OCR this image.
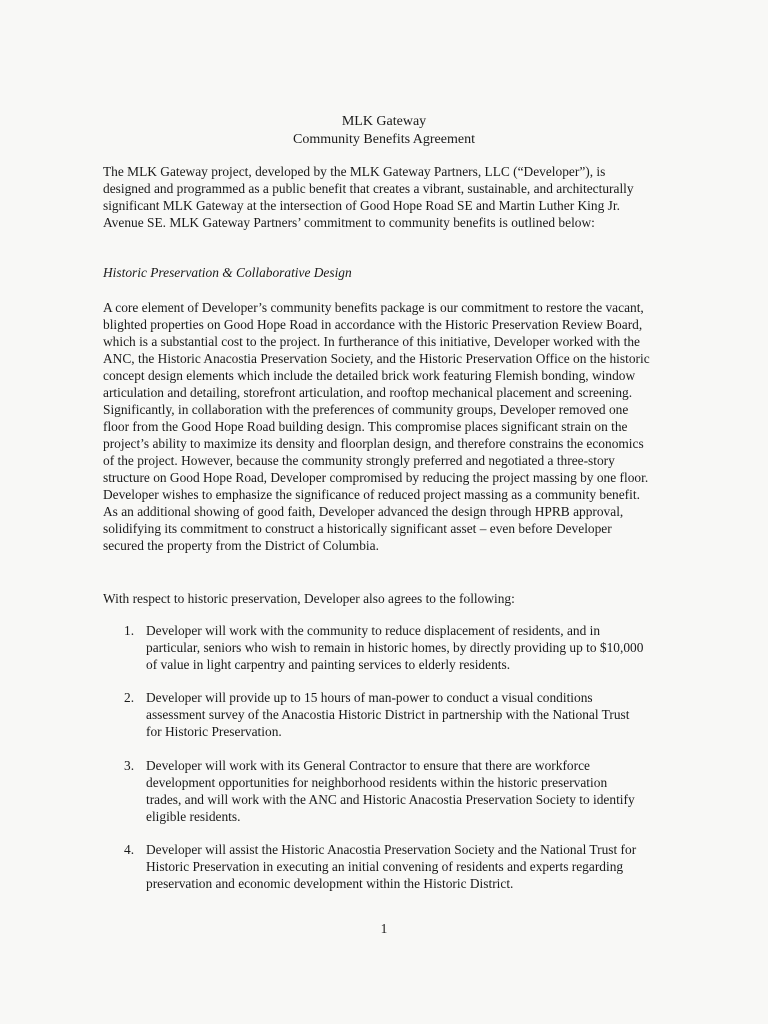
MLK Gateway
Community Benefits Agreement

The MLK Gateway project, developed by the MLK Gateway Partners, LLC (“Developer”), is designed and programmed as a public benefit that creates a vibrant, sustainable, and architecturally significant MLK Gateway at the intersection of Good Hope Road SE and Martin Luther King Jr. Avenue SE. MLK Gateway Partners’ commitment to community benefits is outlined below:

Historic Preservation & Collaborative Design

A core element of Developer’s community benefits package is our commitment to restore the vacant, blighted properties on Good Hope Road in accordance with the Historic Preservation Review Board, which is a substantial cost to the project. In furtherance of this initiative, Developer worked with the ANC, the Historic Anacostia Preservation Society, and the Historic Preservation Office on the historic concept design elements which include the detailed brick work featuring Flemish bonding, window articulation and detailing, storefront articulation, and rooftop mechanical placement and screening. Significantly, in collaboration with the preferences of community groups, Developer removed one floor from the Good Hope Road building design. This compromise places significant strain on the project’s ability to maximize its density and floorplan design, and therefore constrains the economics of the project. However, because the community strongly preferred and negotiated a three-story structure on Good Hope Road, Developer compromised by reducing the project massing by one floor. Developer wishes to emphasize the significance of reduced project massing as a community benefit. As an additional showing of good faith, Developer advanced the design through HPRB approval, solidifying its commitment to construct a historically significant asset – even before Developer secured the property from the District of Columbia.

With respect to historic preservation, Developer also agrees to the following:

1. Developer will work with the community to reduce displacement of residents, and in particular, seniors who wish to remain in historic homes, by directly providing up to $10,000 of value in light carpentry and painting services to elderly residents.
2. Developer will provide up to 15 hours of man-power to conduct a visual conditions assessment survey of the Anacostia Historic District in partnership with the National Trust for Historic Preservation.
3. Developer will work with its General Contractor to ensure that there are workforce development opportunities for neighborhood residents within the historic preservation trades, and will work with the ANC and Historic Anacostia Preservation Society to identify eligible residents.
4. Developer will assist the Historic Anacostia Preservation Society and the National Trust for Historic Preservation in executing an initial convening of residents and experts regarding preservation and economic development within the Historic District.
1
